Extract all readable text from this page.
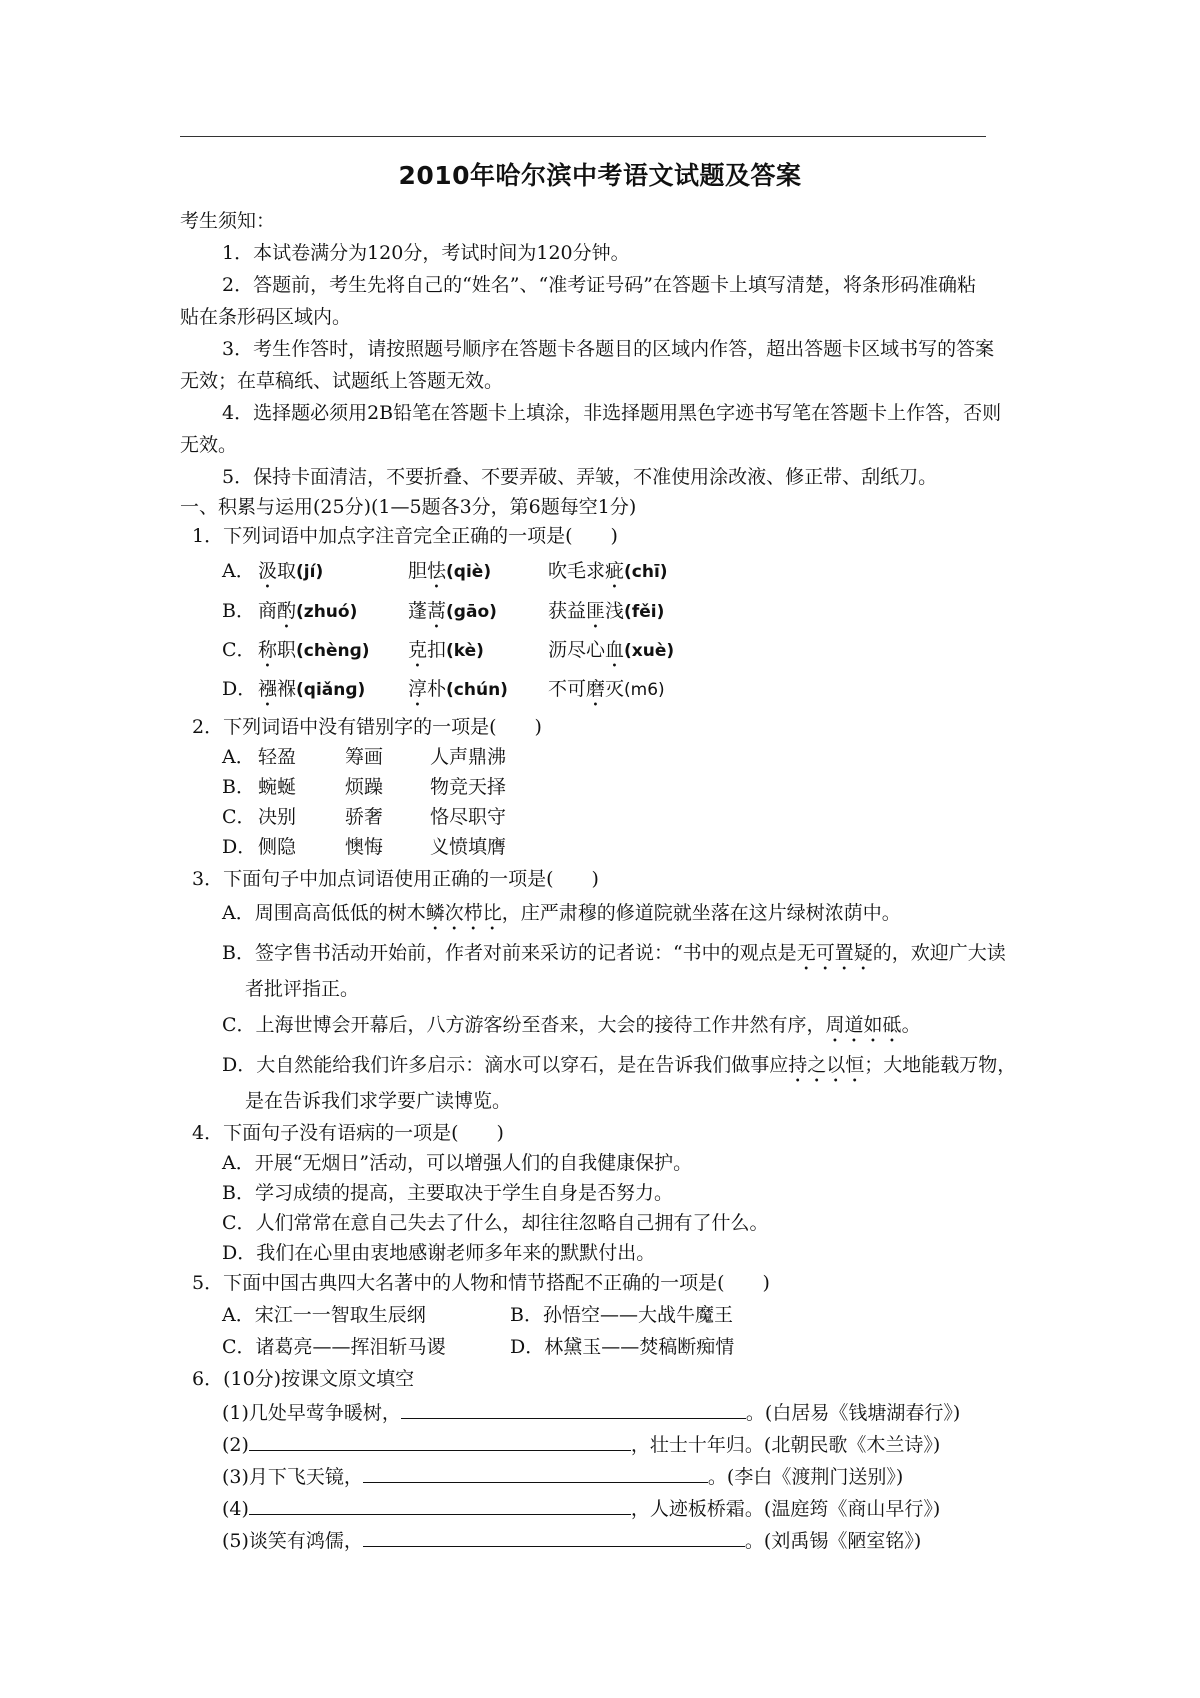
2010年哈尔滨中考语文试题及答案
考生须知：
1．本试卷满分为120分，考试时间为120分钟。
2．答题前，考生先将自己的“姓名”、“准考证号码”在答题卡上填写清楚，将条形码准确粘
贴在条形码区域内。
3．考生作答时，请按照题号顺序在答题卡各题目的区域内作答，超出答题卡区域书写的答案
无效；在草稿纸、试题纸上答题无效。
4．选择题必须用2B铅笔在答题卡上填涂，非选择题用黑色字迹书写笔在答题卡上作答，否则
无效。
5．保持卡面清洁，不要折叠、不要弄破、弄皱，不准使用涂改液、修正带、刮纸刀。
一、积累与运用(25分)(1—5题各3分，第6题每空1分)
1．下列词语中加点字注音完全正确的一项是(　　)
A． 汲取(jí)	胆怯(qiè)	吹毛求疵(chī)
B． 商酌(zhuó)	蓬蒿(gāo)	获益匪浅(fěi)
C． 称职(chènɡ) 克扣(kè)	沥尽心血(xuè)
D． 襁褓(qiǎnɡ) 淳朴(chún) 不可磨灭(m6)
2．下列词语中没有错别字的一项是(　　)
A． 轻盈	筹画 人声鼎沸
B． 蜿蜒	烦躁 物竞天择
C． 决别	骄奢 恪尽职守
D． 侧隐	懊悔 义愤填膺
3．下面句子中加点词语使用正确的一项是(　　)
A．周围高高低低的树木鳞次栉比，庄严肃穆的修道院就坐落在这片绿树浓荫中。
B．签字售书活动开始前，作者对前来采访的记者说：“书中的观点是无可置疑的，欢迎广大读
者批评指正。
C．上海世博会开幕后，八方游客纷至沓来，大会的接待工作井然有序，周道如砥。
D．大自然能给我们许多启示：滴水可以穿石，是在告诉我们做事应持之以恒；大地能载万物，
是在告诉我们求学要广读博览。
4．下面句子没有语病的一项是(　　)
A．开展“无烟日”活动，可以增强人们的自我健康保护。
B．学习成绩的提高，主要取决于学生自身是否努力。
C．人们常常在意自己失去了什么，却往往忽略自己拥有了什么。
D．我们在心里由衷地感谢老师多年来的默默付出。
5．下面中国古典四大名著中的人物和情节搭配不正确的一项是(　　)
A．宋江一一智取生辰纲	B．孙悟空——大战牛魔王
C．诸葛亮——挥泪斩马谡	D．林黛玉——焚稿断痴情
6．(10分)按课文原文填空
(1)几处早莺争暖树，	。(白居易《钱塘湖春行》)
(2)	，壮士十年归。(北朝民歌《木兰诗》)
(3)月下飞天镜，	。(李白《渡荆门送别》)
(4)	，人迹板桥霜。(温庭筠《商山早行》)
(5)谈笑有鸿儒，	。(刘禹锡《陋室铭》)
